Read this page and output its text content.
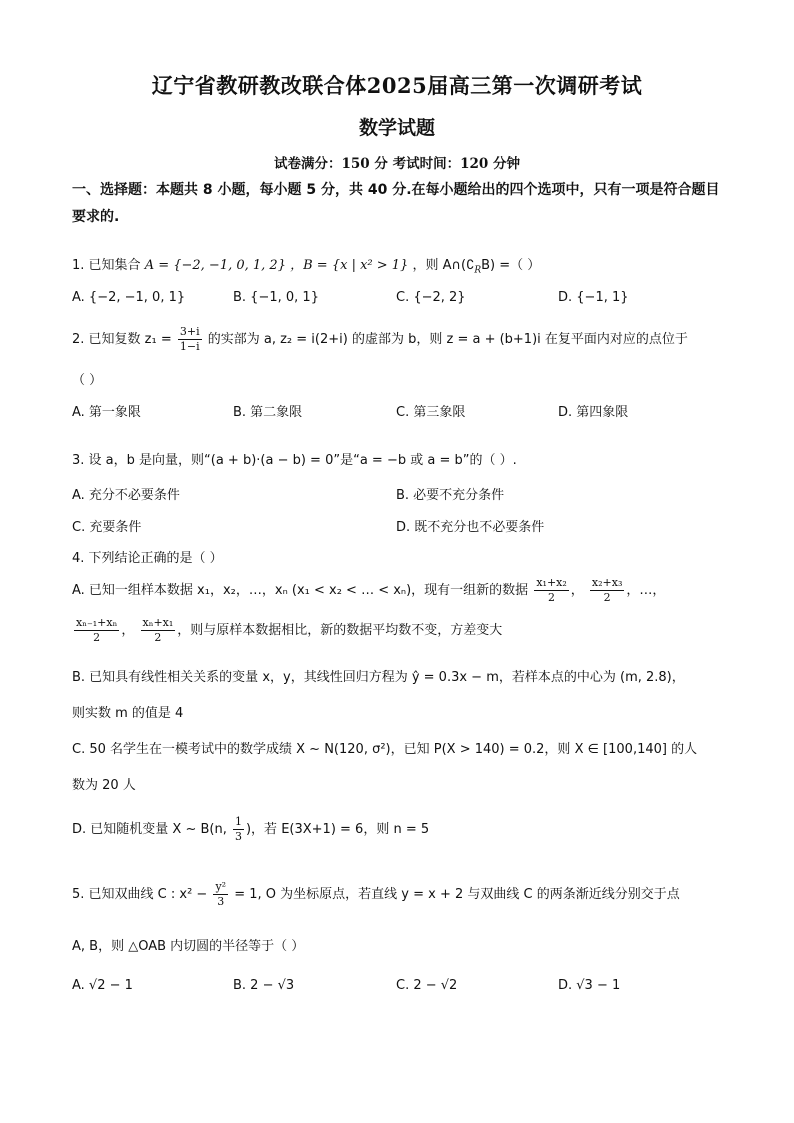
辽宁省教研教改联合体2025届高三第一次调研考试
数学试题
试卷满分：150 分 考试时间：120 分钟
一、选择题：本题共 8 小题，每小题 5 分，共 40 分.在每小题给出的四个选项中，只有一项是符合题目要求的.
1. 已知集合 A = {−2, −1, 0, 1, 2} ，B = {x | x² > 1} ，则 $A\cap(∁_RB)$ =（ ）
A. {−2, −1, 0, 1}	B. {−1, 0, 1}	C. {−2, 2}	D. {−1, 1}
2. 已知复数 $z_1 = \frac{3+i}{1-i}$ 的实部为 a, z₂ = i(2+i) 的虚部为 b，则 z = a + (b+1)i 在复平面内对应的点位于
（ ）
A. 第一象限	B. 第二象限	C. 第三象限	D. 第四象限
3. 设 a，b 是向量，则“(a + b)·(a − b) = 0”是“a = −b 或 a = b”的（ ）.
A. 充分不必要条件	B. 必要不充分条件
C. 充要条件	D. 既不充分也不必要条件
4. 下列结论正确的是（ ）
A. 已知一组样本数据 x₁，x₂，…，xₙ (x₁ < x₂ < … < xₙ)，现有一组新的数据 $\frac{\text{x₁+x₂}}{2}$ ， $\frac{\text{x₂+x₃}}{2}$ ，…，
$\frac{\text{xₙ₋₁+xₙ}}{2}$ ， $\frac{\text{xₙ+x₁}}{2}$ ，则与原样本数据相比，新的数据平均数不变，方差变大
B. 已知具有线性相关关系的变量 x，y，其线性回归方程为 ŷ = 0.3x − m，若样本点的中心为 (m, 2.8)，
则实数 m 的值是 4
C. 50 名学生在一模考试中的数学成绩 X ~ N(120, σ²)，已知 P(X > 140) = 0.2，则 X ∈ [100,140] 的人
数为 20 人
D. 已知随机变量 X ~ B(n, $\frac{1}{3}$ )，若 E(3X+1) = 6，则 n = 5
5. 已知双曲线 C : $x^2 - \frac{\text{y²}}{3} = 1$, O 为坐标原点，若直线 y = x + 2 与双曲线 C 的两条渐近线分别交于点
A, B，则 △OAB 内切圆的半径等于（ ）
A. √2 − 1	B. 2 − √3	C. 2 − √2	D. √3 − 1
